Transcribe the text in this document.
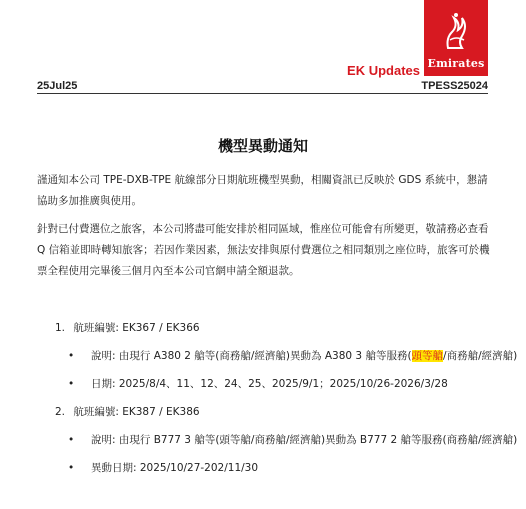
Emirates
EK Updates
25Jul25	TPESS25024
機型異動通知
謹通知本公司 TPE-DXB-TPE 航線部分日期航班機型異動，相關資訊已反映於 GDS 系統中，懇請協助多加推廣與使用。
針對已付費選位之旅客，本公司將盡可能安排於相同區域，惟座位可能會有所變更，敬請務必查看 Q 信箱並即時轉知旅客；若因作業因素，無法安排與原付費選位之相同類別之座位時，旅客可於機票全程使用完畢後三個月內至本公司官網申請全額退款。
1. 航班編號: EK367 / EK366
• 說明: 由現行 A380 2 艙等(商務艙/經濟艙)異動為 A380 3 艙等服務(頭等艙/商務艙/經濟艙)
• 日期: 2025/8/4、11、12、24、25、2025/9/1；2025/10/26-2026/3/28
2. 航班編號: EK387 / EK386
• 說明: 由現行 B777 3 艙等(頭等艙/商務艙/經濟艙)異動為 B777 2 艙等服務(商務艙/經濟艙)
• 異動日期: 2025/10/27-202/11/30
